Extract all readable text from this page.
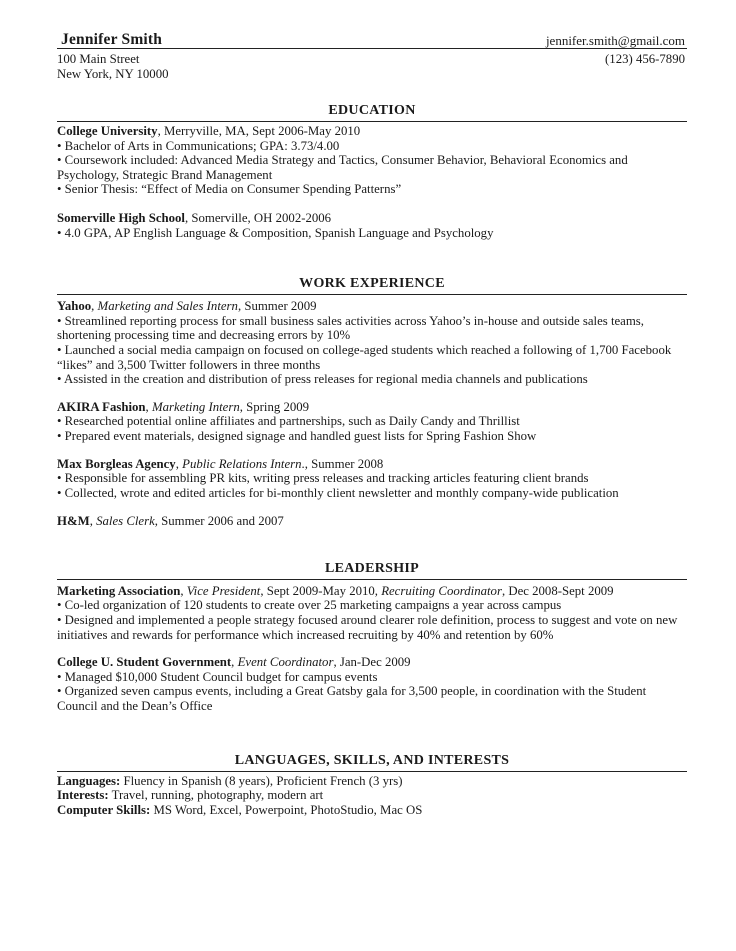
Jennifer Smith	jennifer.smith@gmail.com
100 Main Street
New York, NY 10000
(123) 456-7890
EDUCATION
College University, Merryville, MA, Sept 2006-May 2010
• Bachelor of Arts in Communications; GPA: 3.73/4.00
• Coursework included: Advanced Media Strategy and Tactics, Consumer Behavior, Behavioral Economics and Psychology, Strategic Brand Management
• Senior Thesis: “Effect of Media on Consumer Spending Patterns”
Somerville High School, Somerville, OH 2002-2006
• 4.0 GPA, AP English Language & Composition, Spanish Language and Psychology
WORK EXPERIENCE
Yahoo, Marketing and Sales Intern, Summer 2009
• Streamlined reporting process for small business sales activities across Yahoo’s in-house and outside sales teams, shortening processing time and decreasing errors by 10%
• Launched a social media campaign on focused on college-aged students which reached a following of 1,700 Facebook “likes” and 3,500 Twitter followers in three months
• Assisted in the creation and distribution of press releases for regional media channels and publications
AKIRA Fashion, Marketing Intern, Spring 2009
• Researched potential online affiliates and partnerships, such as Daily Candy and Thrillist
• Prepared event materials, designed signage and handled guest lists for Spring Fashion Show
Max Borgleas Agency, Public Relations Intern., Summer 2008
• Responsible for assembling PR kits, writing press releases and tracking articles featuring client brands
• Collected, wrote and edited articles for bi-monthly client newsletter and monthly company-wide publication
H&M, Sales Clerk, Summer 2006 and 2007
LEADERSHIP
Marketing Association, Vice President, Sept 2009-May 2010, Recruiting Coordinator, Dec 2008-Sept 2009
• Co-led organization of 120 students to create over 25 marketing campaigns a year across campus
• Designed and implemented a people strategy focused around clearer role definition, process to suggest and vote on new initiatives and rewards for performance which increased recruiting by 40% and retention by 60%
College U. Student Government, Event Coordinator, Jan-Dec 2009
• Managed $10,000 Student Council budget for campus events
• Organized seven campus events, including a Great Gatsby gala for 3,500 people, in coordination with the Student Council and the Dean’s Office
LANGUAGES, SKILLS, AND INTERESTS
Languages: Fluency in Spanish (8 years), Proficient French (3 yrs)
Interests: Travel, running, photography, modern art
Computer Skills: MS Word, Excel, Powerpoint, PhotoStudio, Mac OS
